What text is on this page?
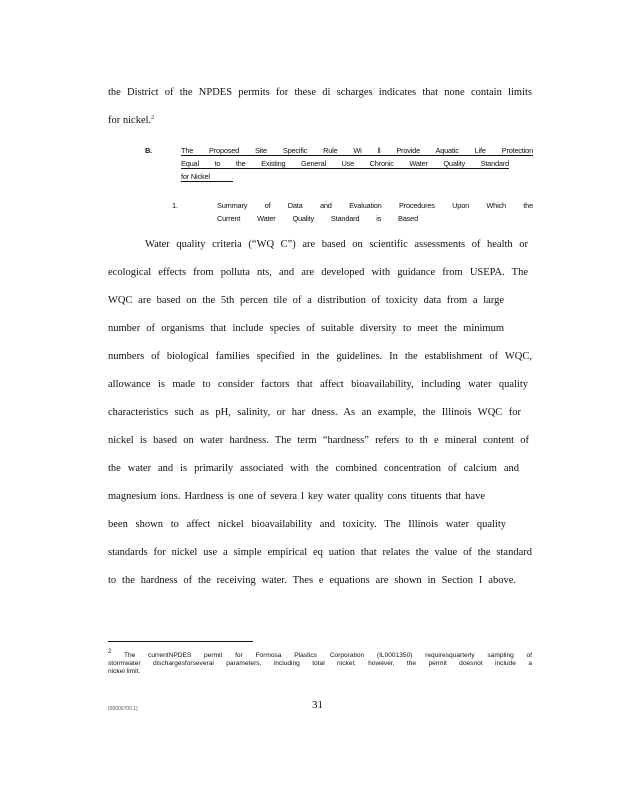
the District of the NPDES permits for these di scharges indicates that none contain limits
for nickel.$^2$
B.	The Proposed Site Specific Rule Wi ll Provide Aquatic Life Protection
Equal to the Existing General Use Chronic Water Quality Standard
for Nickel
1.	Summary of Data and Evaluation Procedures Upon Which the
Current Water Quality Standard is Based
Water quality criteria (“WQ C”) are based on scientific assessments of health or
ecological effects from polluta nts, and are developed with guidance from USEPA. The
WQC are based on the 5th percen tile of a distribution of toxicity data from a large
number of organisms that include species of suitable diversity to meet the minimum
numbers of biological families specified in the guidelines. In the establishment of WQC,
allowance is made to consider factors that affect bioavailability, including water quality
characteristics such as pH, salinity, or har dness. As an example, the Illinois WQC for
nickel is based on water hardness. The term “hardness” refers to th e mineral content of
the water and is primarily associated with the combined concentration of calcium and
magnesium ions. Hardness is one of severa l key water quality cons tituents that have
been shown to affect nickel bioavailability and toxicity. The Illinois water quality
standards for nickel use a simple empirical eq uation that relates the value of the standard
to the hardness of the receiving water. Thes e equations are shown in Section I above.
$^2$ The currentNPDES permit for Formosa Plastics Corporation (IL0001350) requiresquarterly sampling of
stormwater dischargesforseveral parameters, including total nickel; however, the permit doesnot include a
nickel limit.
{00000700.1}	31
